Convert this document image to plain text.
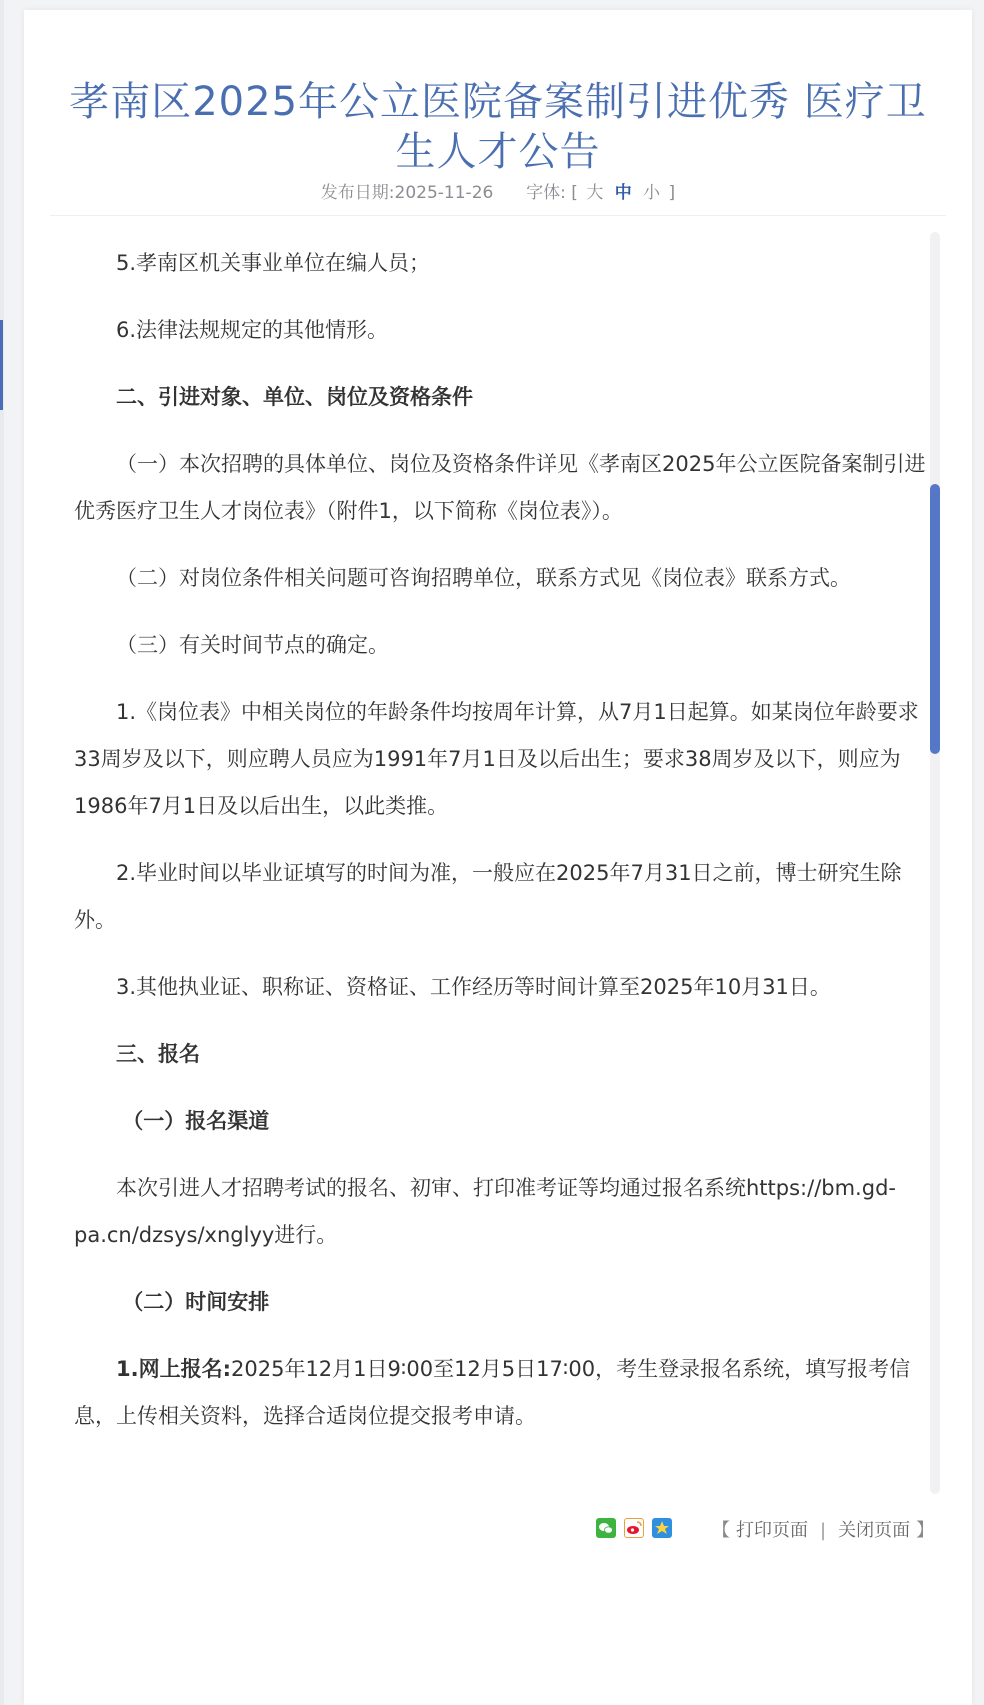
孝南区2025年公立医院备案制引进优秀 医疗卫生人才公告
发布日期:2025-11-26 字体: [ 大 中 小 ]

5.孝南区机关事业单位在编人员；

6.法律法规规定的其他情形。

二、引进对象、单位、岗位及资格条件

（一）本次招聘的具体单位、岗位及资格条件详见《孝南区2025年公立医院备案制引进优秀医疗卫生人才岗位表》（附件1，以下简称《岗位表》）。

（二）对岗位条件相关问题可咨询招聘单位，联系方式见《岗位表》联系方式。

（三）有关时间节点的确定。

1.《岗位表》中相关岗位的年龄条件均按周年计算，从7月1日起算。如某岗位年龄要求33周岁及以下，则应聘人员应为1991年7月1日及以后出生；要求38周岁及以下，则应为1986年7月1日及以后出生，以此类推。

2.毕业时间以毕业证填写的时间为准，一般应在2025年7月31日之前，博士研究生除外。

3.其他执业证、职称证、资格证、工作经历等时间计算至2025年10月31日。

三、报名

（一）报名渠道

本次引进人才招聘考试的报名、初审、打印准考证等均通过报名系统https://bm.gd-pa.cn/dzsys/xnglyy进行。

（二）时间安排

1.网上报名:2025年12月1日9∶00至12月5日17∶00，考生登录报名系统，填写报考信息，上传相关资料，选择合适岗位提交报考申请。

【 打印页面 | 关闭页面 】
